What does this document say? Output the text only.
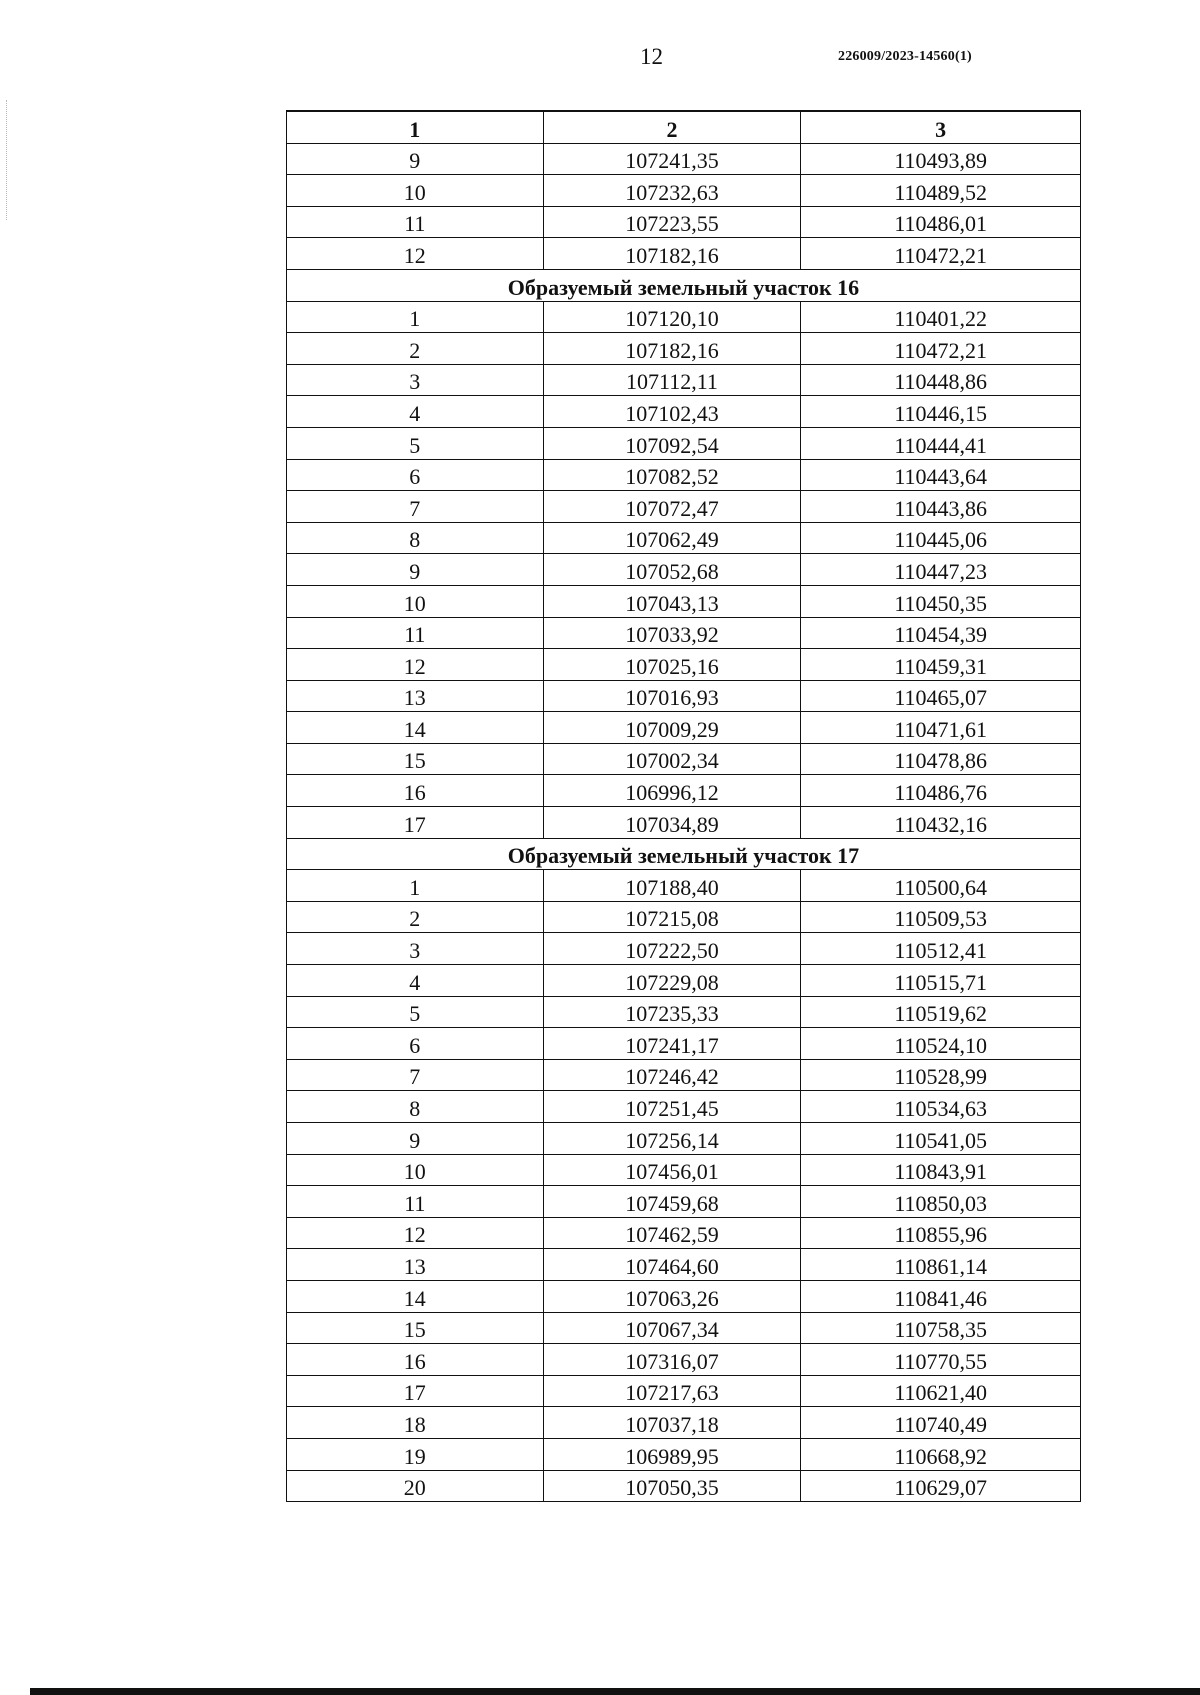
12	226009/2023-14560(1)
1	2	3
9	107241,35	110493,89
10	107232,63	110489,52
11	107223,55	110486,01
12	107182,16	110472,21
Образуемый земельный участок 16		
1	107120,10	110401,22
2	107182,16	110472,21
3	107112,11	110448,86
4	107102,43	110446,15
5	107092,54	110444,41
6	107082,52	110443,64
7	107072,47	110443,86
8	107062,49	110445,06
9	107052,68	110447,23
10	107043,13	110450,35
11	107033,92	110454,39
12	107025,16	110459,31
13	107016,93	110465,07
14	107009,29	110471,61
15	107002,34	110478,86
16	106996,12	110486,76
17	107034,89	110432,16
Образуемый земельный участок 17		
1	107188,40	110500,64
2	107215,08	110509,53
3	107222,50	110512,41
4	107229,08	110515,71
5	107235,33	110519,62
6	107241,17	110524,10
7	107246,42	110528,99
8	107251,45	110534,63
9	107256,14	110541,05
10	107456,01	110843,91
11	107459,68	110850,03
12	107462,59	110855,96
13	107464,60	110861,14
14	107063,26	110841,46
15	107067,34	110758,35
16	107316,07	110770,55
17	107217,63	110621,40
18	107037,18	110740,49
19	106989,95	110668,92
20	107050,35	110629,07
